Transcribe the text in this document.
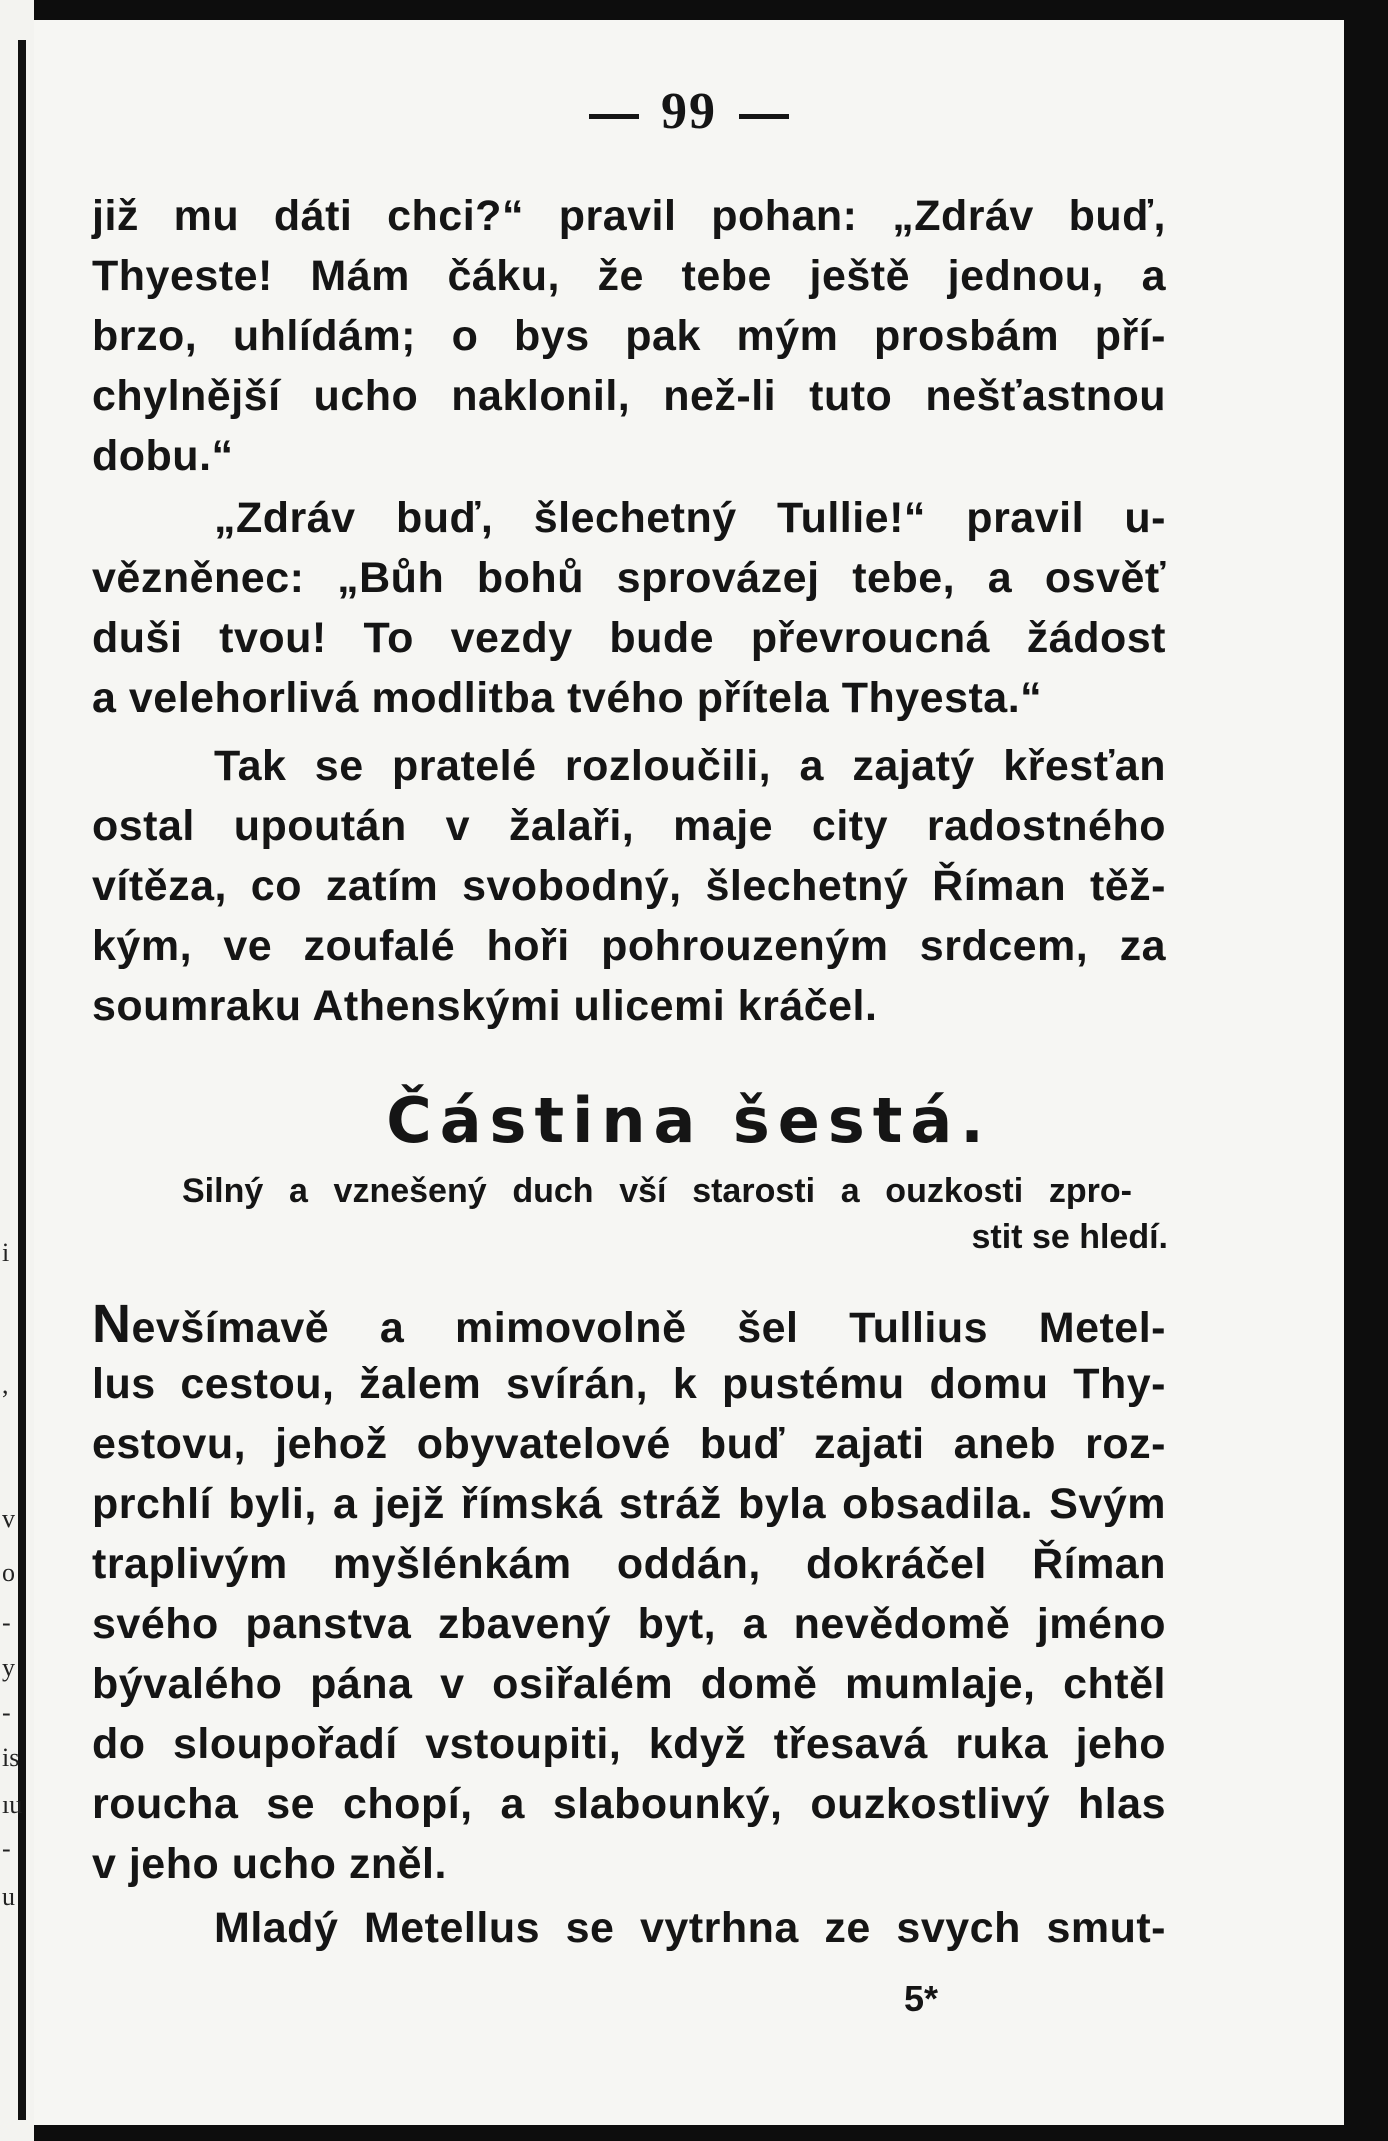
i
,
v
o
-
y
-
is
ıu
-
u
99
již mu dáti chci?“ pravil pohan: „Zdráv buď,
Thyeste! Mám čáku, že tebe ještě jednou, a
brzo, uhlídám; o bys pak mým prosbám pří-
chylnější ucho naklonil, než-li tuto nešťastnou
dobu.“
„Zdráv buď, šlechetný Tullie!“ pravil u-
vězněnec: „Bůh bohů sprovázej tebe, a osvěť
duši tvou! To vezdy bude převroucná žádost
a velehorlivá modlitba tvého přítela Thyesta.“
Tak se pratelé rozloučili, a zajatý křesťan
ostal upoután v žalaři, maje city radostného
vítěza, co zatím svobodný, šlechetný Říman těž-
kým, ve zoufalé hoři pohrouzeným srdcem, za
soumraku Athenskými ulicemi kráčel.
Částina šestá.
Silný a vznešený duch vší starosti a ouzkosti zpro-
stit se hledí.
Nevšímavě a mimovolně šel Tullius Metel-
lus cestou, žalem svírán, k pustému domu Thy-
estovu, jehož obyvatelové buď zajati aneb roz-
prchlí byli, a jejž římská stráž byla obsadila. Svým
traplivým myšlénkám oddán, dokráčel Říman
svého panstva zbavený byt, a nevědomě jméno
bývalého pána v osiřalém domě mumlaje, chtěl
do sloupořadí vstoupiti, když třesavá ruka jeho
roucha se chopí, a slabounký, ouzkostlivý hlas
v jeho ucho zněl.
Mladý Metellus se vytrhna ze svych smut-
5*
